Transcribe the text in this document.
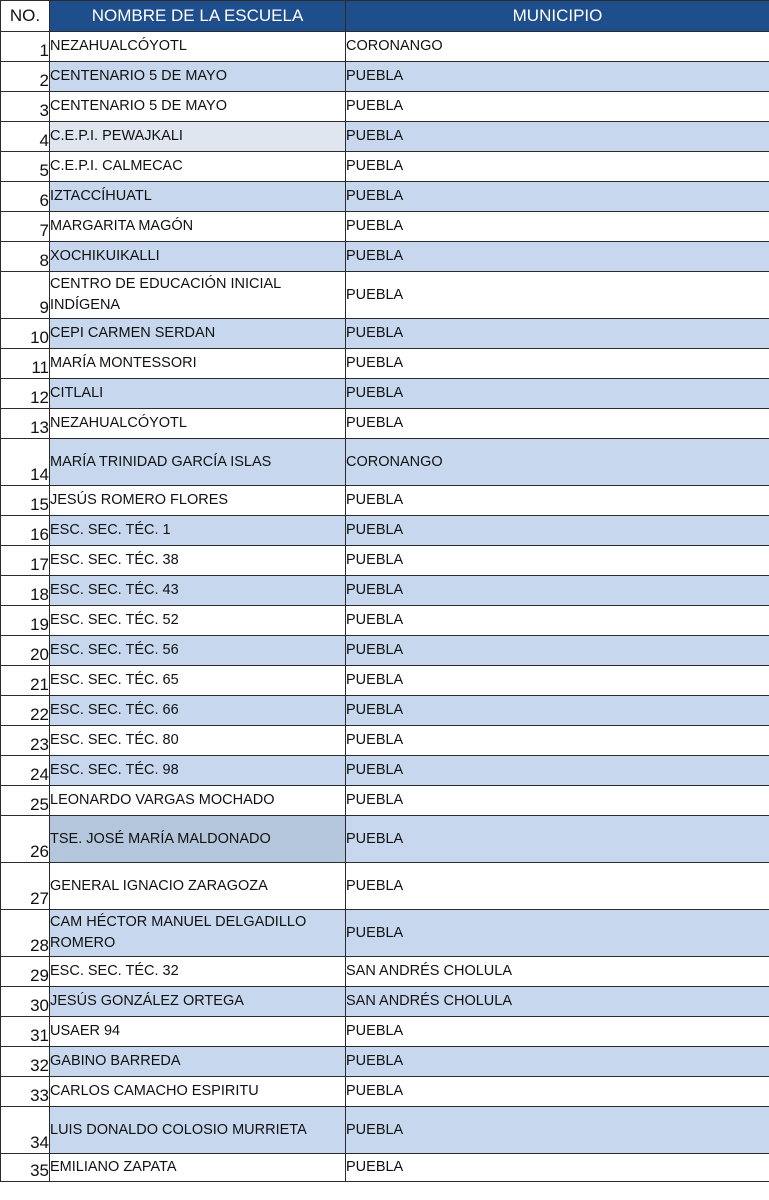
NO.	NOMBRE DE LA ESCUELA	MUNICIPIO
1	NEZAHUALCÓYOTL	CORONANGO
2	CENTENARIO 5 DE MAYO	PUEBLA
3	CENTENARIO 5 DE MAYO	PUEBLA
4	C.E.P.I. PEWAJKALI	PUEBLA
5	C.E.P.I. CALMECAC	PUEBLA
6	IZTACCÍHUATL	PUEBLA
7	MARGARITA MAGÓN	PUEBLA
8	XOCHIKUIKALLI	PUEBLA
9	CENTRO DE EDUCACIÓN INICIAL INDÍGENA	PUEBLA
10	CEPI CARMEN SERDAN	PUEBLA
11	MARÍA MONTESSORI	PUEBLA
12	CITLALI	PUEBLA
13	NEZAHUALCÓYOTL	PUEBLA
14	MARÍA TRINIDAD GARCÍA ISLAS	CORONANGO
15	JESÚS ROMERO FLORES	PUEBLA
16	ESC. SEC. TÉC. 1	PUEBLA
17	ESC. SEC. TÉC. 38	PUEBLA
18	ESC. SEC. TÉC. 43	PUEBLA
19	ESC. SEC. TÉC. 52	PUEBLA
20	ESC. SEC. TÉC. 56	PUEBLA
21	ESC. SEC. TÉC. 65	PUEBLA
22	ESC. SEC. TÉC. 66	PUEBLA
23	ESC. SEC. TÉC. 80	PUEBLA
24	ESC. SEC. TÉC. 98	PUEBLA
25	LEONARDO VARGAS MOCHADO	PUEBLA
26	TSE. JOSÉ MARÍA MALDONADO	PUEBLA
27	GENERAL IGNACIO ZARAGOZA	PUEBLA
28	CAM HÉCTOR MANUEL DELGADILLO ROMERO	PUEBLA
29	ESC. SEC. TÉC. 32	SAN ANDRÉS CHOLULA
30	JESÚS GONZÁLEZ ORTEGA	SAN ANDRÉS CHOLULA
31	USAER 94	PUEBLA
32	GABINO BARREDA	PUEBLA
33	CARLOS CAMACHO ESPIRITU	PUEBLA
34	LUIS DONALDO COLOSIO MURRIETA	PUEBLA
35	EMILIANO ZAPATA	PUEBLA
